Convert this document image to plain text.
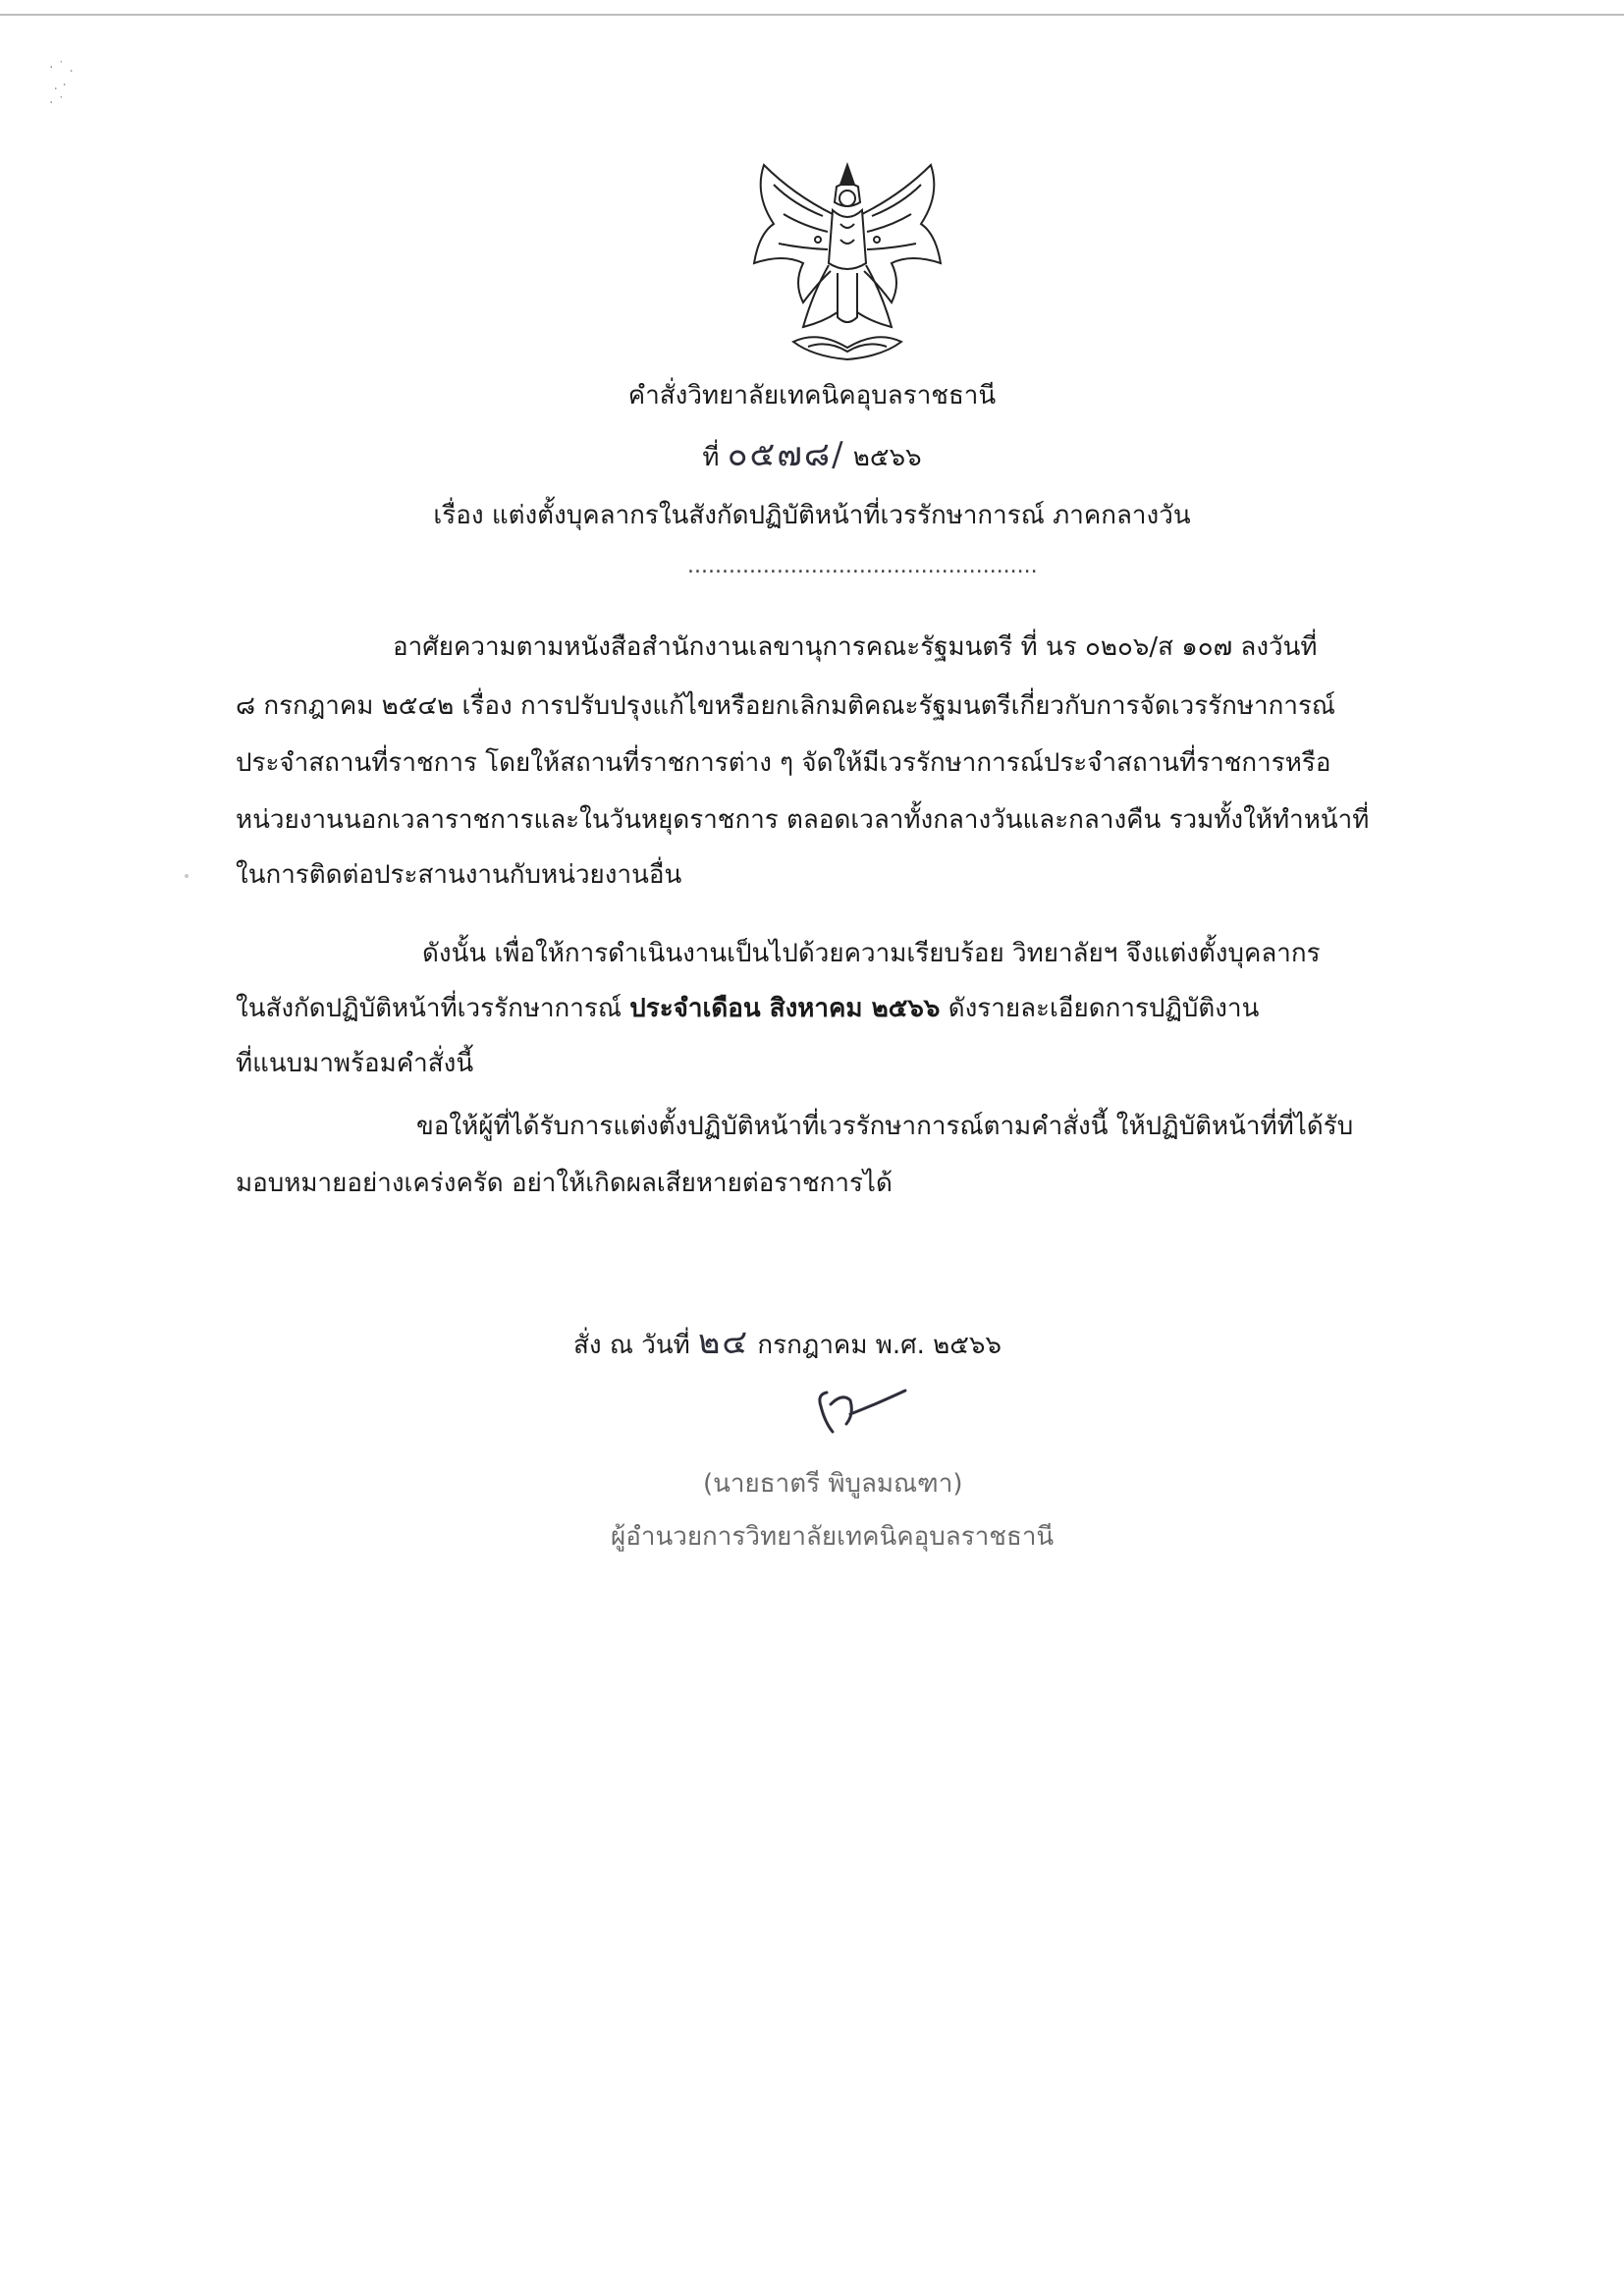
· ˙ .
. ·
· ˙
คำสั่งวิทยาลัยเทคนิคอุบลราชธานี
ที่ ๐๕๗๘/ ๒๕๖๖
เรื่อง แต่งตั้งบุคลากรในสังกัดปฏิบัติหน้าที่เวรรักษาการณ์ ภาคกลางวัน
...................................................
อาศัยความตามหนังสือสำนักงานเลขานุการคณะรัฐมนตรี ที่ นร ๐๒๐๖/ส ๑๐๗ ลงวันที่
๘ กรกฎาคม ๒๕๔๒ เรื่อง การปรับปรุงแก้ไขหรือยกเลิกมติคณะรัฐมนตรีเกี่ยวกับการจัดเวรรักษาการณ์
ประจำสถานที่ราชการ โดยให้สถานที่ราชการต่าง ๆ จัดให้มีเวรรักษาการณ์ประจำสถานที่ราชการหรือ
หน่วยงานนอกเวลาราชการและในวันหยุดราชการ ตลอดเวลาทั้งกลางวันและกลางคืน รวมทั้งให้ทำหน้าที่
ในการติดต่อประสานงานกับหน่วยงานอื่น
ดังนั้น เพื่อให้การดำเนินงานเป็นไปด้วยความเรียบร้อย วิทยาลัยฯ จึงแต่งตั้งบุคลากร
ในสังกัดปฏิบัติหน้าที่เวรรักษาการณ์ ประจำเดือน สิงหาคม ๒๕๖๖ ดังรายละเอียดการปฏิบัติงาน
ที่แนบมาพร้อมคำสั่งนี้
ขอให้ผู้ที่ได้รับการแต่งตั้งปฏิบัติหน้าที่เวรรักษาการณ์ตามคำสั่งนี้ ให้ปฏิบัติหน้าที่ที่ได้รับ
มอบหมายอย่างเคร่งครัด อย่าให้เกิดผลเสียหายต่อราชการได้
สั่ง ณ วันที่ ๒๔ กรกฎาคม พ.ศ. ๒๕๖๖
(นายธาตรี พิบูลมณฑา)
ผู้อำนวยการวิทยาลัยเทคนิคอุบลราชธานี
